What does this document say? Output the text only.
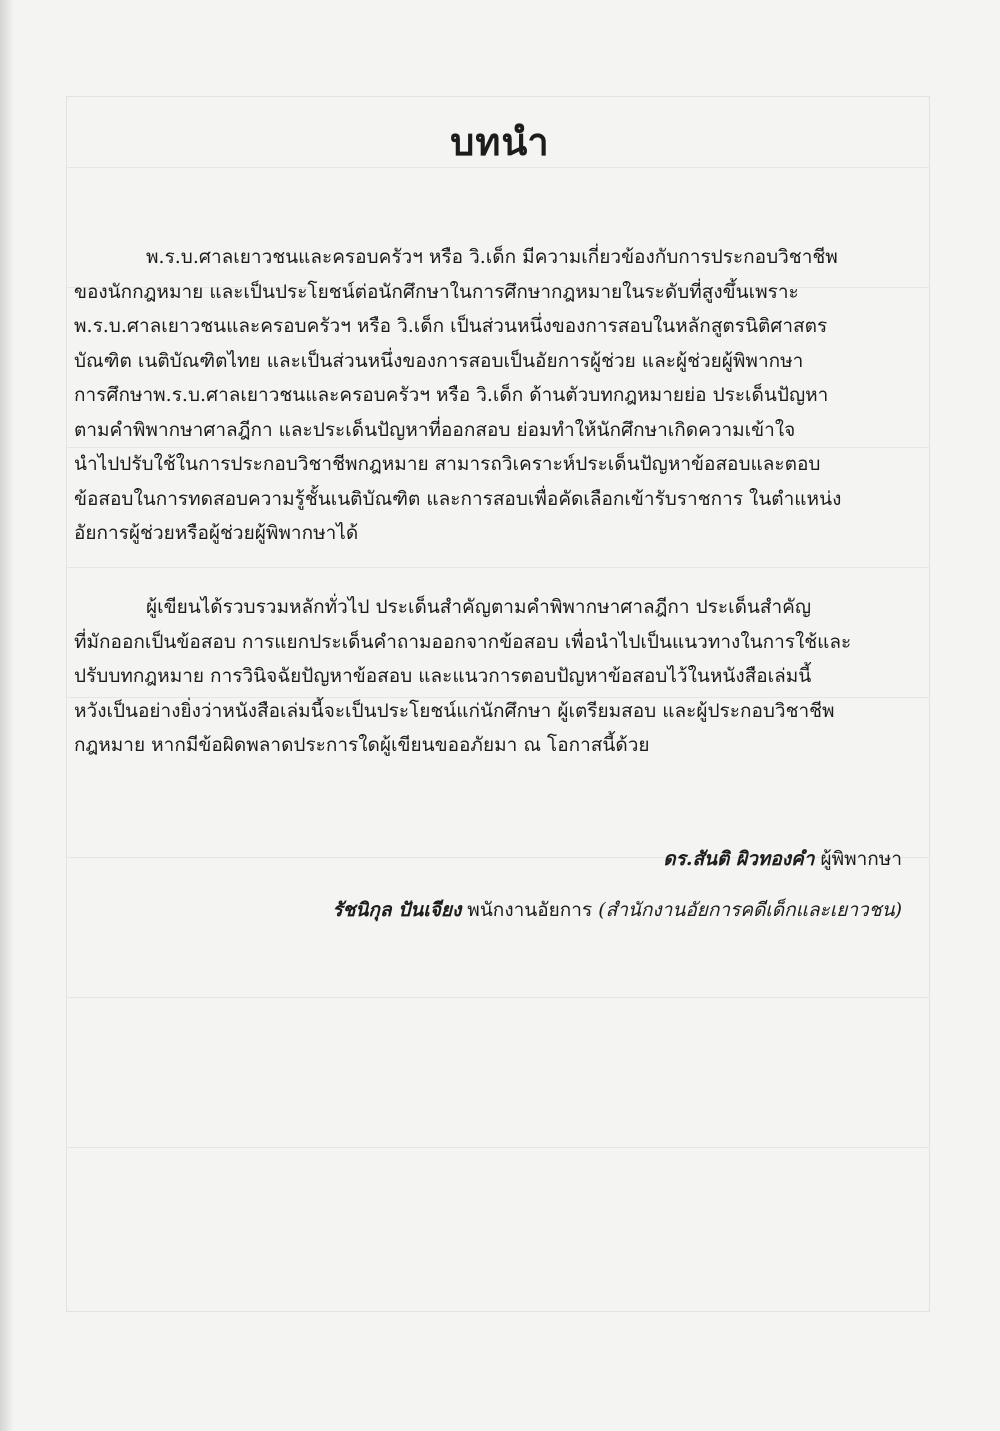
บทนำ
พ.ร.บ.ศาลเยาวชนและครอบครัวฯ หรือ วิ.เด็ก มีความเกี่ยวข้องกับการประกอบวิชาชีพ
ของนักกฎหมาย และเป็นประโยชน์ต่อนักศึกษาในการศึกษากฎหมายในระดับที่สูงขึ้นเพราะ
พ.ร.บ.ศาลเยาวชนและครอบครัวฯ หรือ วิ.เด็ก เป็นส่วนหนึ่งของการสอบในหลักสูตรนิติศาสตร
บัณฑิต เนติบัณฑิตไทย และเป็นส่วนหนึ่งของการสอบเป็นอัยการผู้ช่วย และผู้ช่วยผู้พิพากษา
การศึกษาพ.ร.บ.ศาลเยาวชนและครอบครัวฯ หรือ วิ.เด็ก ด้านตัวบทกฎหมายย่อ ประเด็นปัญหา
ตามคำพิพากษาศาลฎีกา และประเด็นปัญหาที่ออกสอบ ย่อมทำให้นักศึกษาเกิดความเข้าใจ
นำไปปรับใช้ในการประกอบวิชาชีพกฎหมาย สามารถวิเคราะห์ประเด็นปัญหาข้อสอบและตอบ
ข้อสอบในการทดสอบความรู้ชั้นเนติบัณฑิต และการสอบเพื่อคัดเลือกเข้ารับราชการ ในตำแหน่ง
อัยการผู้ช่วยหรือผู้ช่วยผู้พิพากษาได้
ผู้เขียนได้รวบรวมหลักทั่วไป ประเด็นสำคัญตามคำพิพากษาศาลฎีกา ประเด็นสำคัญ
ที่มักออกเป็นข้อสอบ การแยกประเด็นคำถามออกจากข้อสอบ เพื่อนำไปเป็นแนวทางในการใช้และ
ปรับบทกฎหมาย การวินิจฉัยปัญหาข้อสอบ และแนวการตอบปัญหาข้อสอบไว้ในหนังสือเล่มนี้
หวังเป็นอย่างยิ่งว่าหนังสือเล่มนี้จะเป็นประโยชน์แก่นักศึกษา ผู้เตรียมสอบ และผู้ประกอบวิชาชีพ
กฎหมาย หากมีข้อผิดพลาดประการใดผู้เขียนขออภัยมา ณ โอกาสนี้ด้วย
ดร.สันติ ผิวทองคำ ผู้พิพากษา
รัชนิกุล ปันเจียง พนักงานอัยการ (สำนักงานอัยการคดีเด็กและเยาวชน)
